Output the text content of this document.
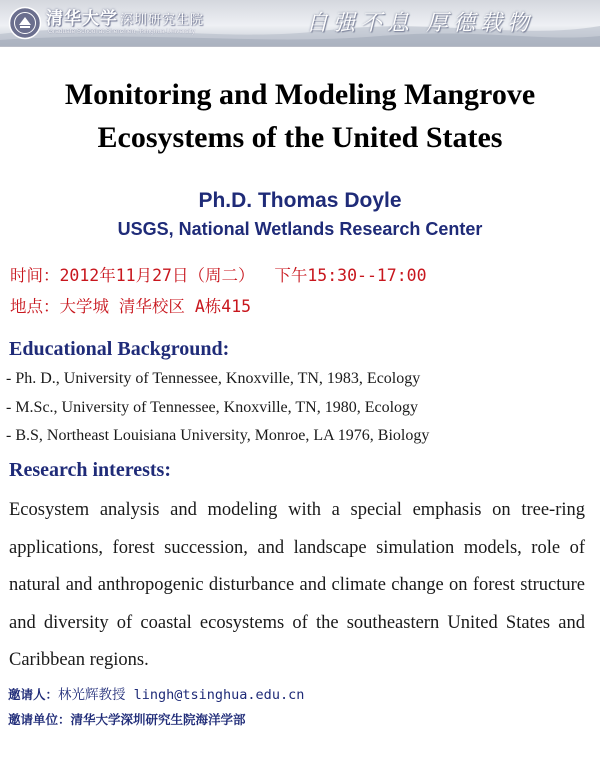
清华大学 深圳研究生院
Graduate School at Shenzhen, Tsinghua University	自强不息 厚德载物
Monitoring and Modeling Mangrove
Ecosystems of the United States
Ph.D. Thomas Doyle
USGS, National Wetlands Research Center
时间：2012年11月27日（周二）  下午15:30--17:00
地点：大学城 清华校区 A栋415
Educational Background:
- Ph. D., University of Tennessee, Knoxville, TN, 1983, Ecology
- M.Sc., University of Tennessee, Knoxville, TN, 1980, Ecology
- B.S, Northeast Louisiana University, Monroe, LA 1976, Biology
Research interests:

Ecosystem analysis and modeling with a special emphasis on tree-ring applications, forest succession, and landscape simulation models, role of natural and anthropogenic disturbance and climate change on forest structure and diversity of coastal ecosystems of the southeastern United States and Caribbean regions.

邀请人：林光辉教授 lingh@tsinghua.edu.cn
邀请单位：清华大学深圳研究生院海洋学部
